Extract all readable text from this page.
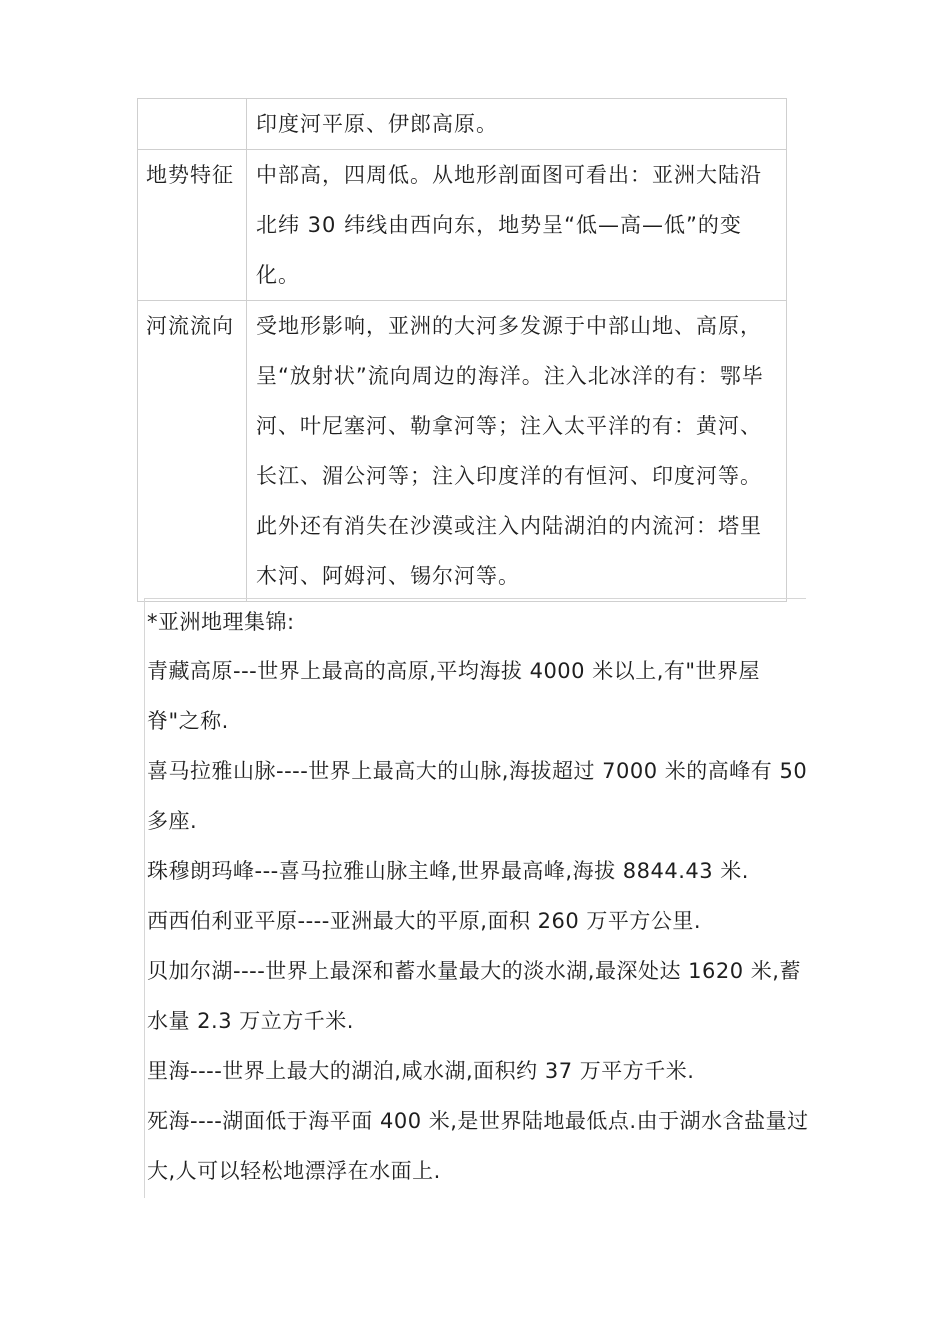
	印度河平原、伊郎高原。
地势特征	中部高，四周低。从地形剖面图可看出：亚洲大陆沿北纬 30 纬线由西向东，地势呈“低—高—低”的变化。
河流流向	受地形影响，亚洲的大河多发源于中部山地、高原，呈“放射状”流向周边的海洋。注入北冰洋的有：鄂毕河、叶尼塞河、勒拿河等；注入太平洋的有：黄河、长江、湄公河等；注入印度洋的有恒河、印度河等。此外还有消失在沙漠或注入内陆湖泊的内流河：塔里木河、阿姆河、锡尔河等。

*亚洲地理集锦:

青藏高原---世界上最高的高原,平均海拔 4000 米以上,有"世界屋脊"之称.

喜马拉雅山脉----世界上最高大的山脉,海拔超过 7000 米的高峰有 50 多座.

珠穆朗玛峰---喜马拉雅山脉主峰,世界最高峰,海拔 8844.43 米.

西西伯利亚平原----亚洲最大的平原,面积 260 万平方公里.

贝加尔湖----世界上最深和蓄水量最大的淡水湖,最深处达 1620 米,蓄水量 2.3 万立方千米.

里海----世界上最大的湖泊,咸水湖,面积约 37 万平方千米.

死海----湖面低于海平面 400 米,是世界陆地最低点.由于湖水含盐量过大,人可以轻松地漂浮在水面上.
